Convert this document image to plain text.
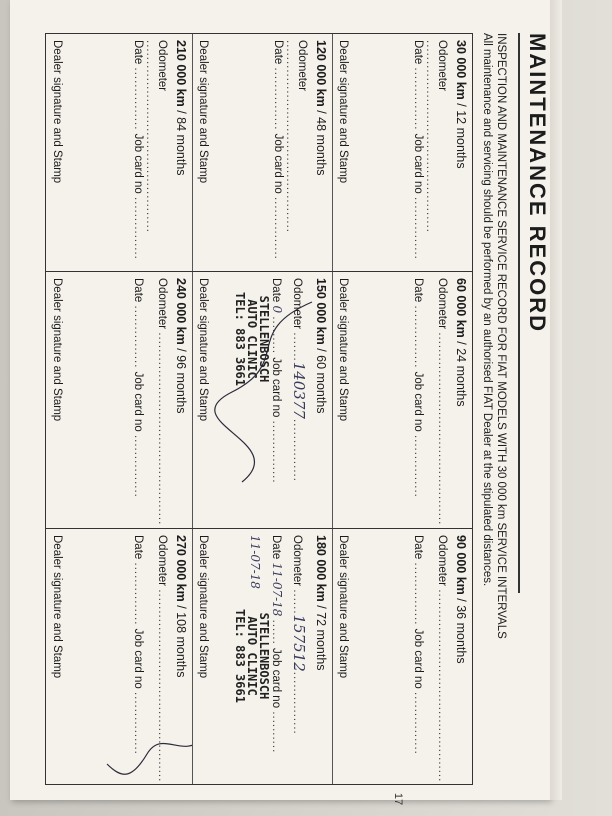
MAINTENANCE RECORD
INSPECTION AND MAINTENANCE SERVICE RECORD FOR FIAT MODELS WITH 30 000 km SERVICE INTERVALS
All maintenance and servicing should be performed by an authorised FIAT Dealer at the stipulated distances.
30 000 km / 12 months
Odometer ..............................................
Date ............... Job card no ...............
Dealer signature and Stamp
120 000 km / 48 months
Odometer ..............................................
Date ............... Job card no ...............
Dealer signature and Stamp
210 000 km / 84 months
Odometer ..............................................
Date ............... Job card no ...............
Dealer signature and Stamp
60 000 km / 24 months
Odometer ..............................................
Date ............... Job card no ...............
Dealer signature and Stamp
150 000 km / 60 months
Odometer .......140377...............
Date 0 ......... Job card no ...............
STELLENBOSCH
AUTO CLINIC
TEL: 883 3661
Dealer signature and Stamp
240 000 km / 96 months
Odometer ..............................................
Date ............... Job card no ...............
Dealer signature and Stamp
90 000 km / 36 months
Odometer ..............................................
Date ............... Job card no ...............
Dealer signature and Stamp
180 000 km / 72 months
Odometer ......157512...............
Date 11-07-18 ...... Job card no ..........
11-07-18
STELLENBOSCH
AUTO CLINIC
TEL: 883 3661
Dealer signature and Stamp
270 000 km / 108 months
Odometer ..............................................
Date ............... Job card no ...............
Dealer signature and Stamp
17
